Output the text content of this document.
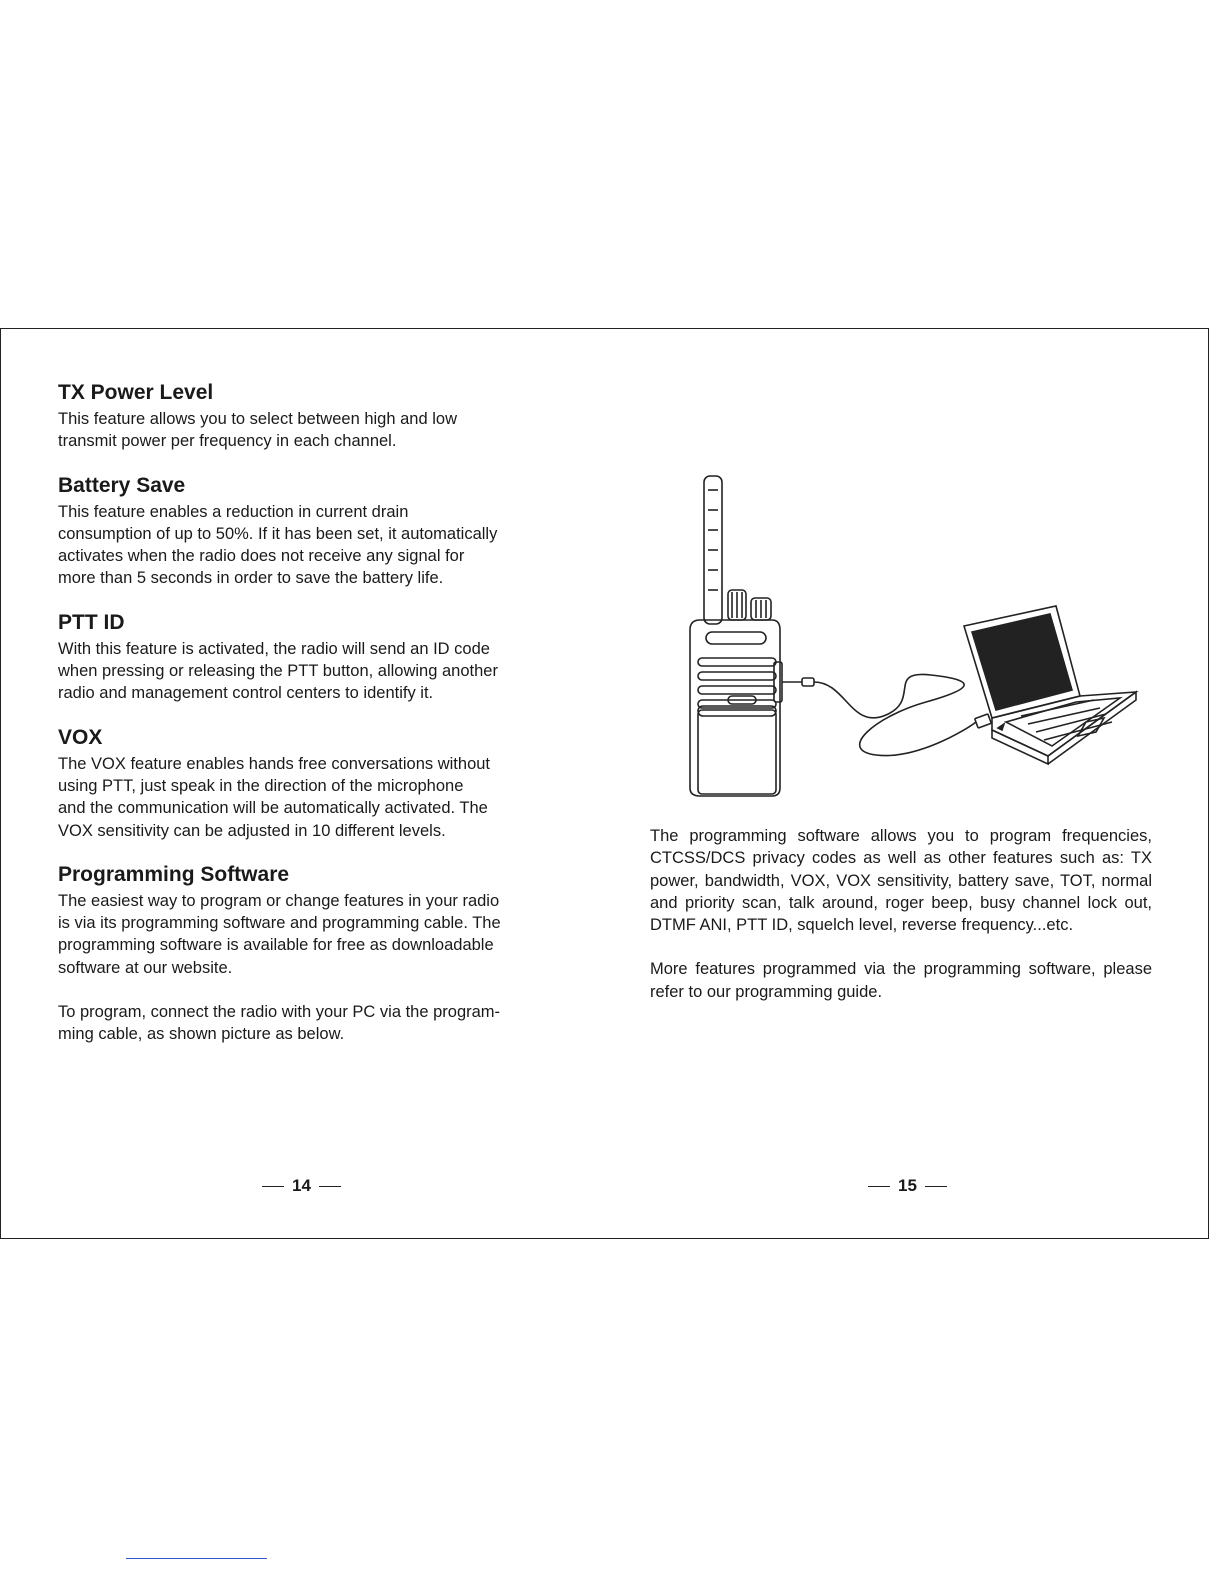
TX Power Level

This feature allows you to select between high and low

transmit power per frequency in each channel.

Battery Save

This feature enables a reduction in current drain

consumption of up to 50%. If it has been set, it automatically

activates when the radio does not receive any signal for

more than 5 seconds in order to save the battery life.

PTT ID

With this feature is activated, the radio will send an ID code

when pressing or releasing the PTT button, allowing another

radio and management control centers to identify it.

VOX

The VOX feature enables hands free conversations without

using PTT, just speak in the direction of the microphone

and the communication will be automatically activated. The

VOX sensitivity can be adjusted in 10 different levels.

Programming Software

The easiest way to program or change features in your radio

is via its programming software and programming cable. The

programming software is available for free as downloadable

software at our website.

To program, connect the radio with your PC via the program-

ming cable, as shown picture as below.

14

The programming software allows you to program frequencies, CTCSS/DCS privacy codes as well as other features such as: TX power, bandwidth, VOX, VOX sensitivity, battery save, TOT, normal and priority scan, talk around, roger beep, busy channel lock out, DTMF ANI, PTT ID, squelch level, reverse frequency...etc.

More features programmed via the programming software, please refer to our programming guide.

15
